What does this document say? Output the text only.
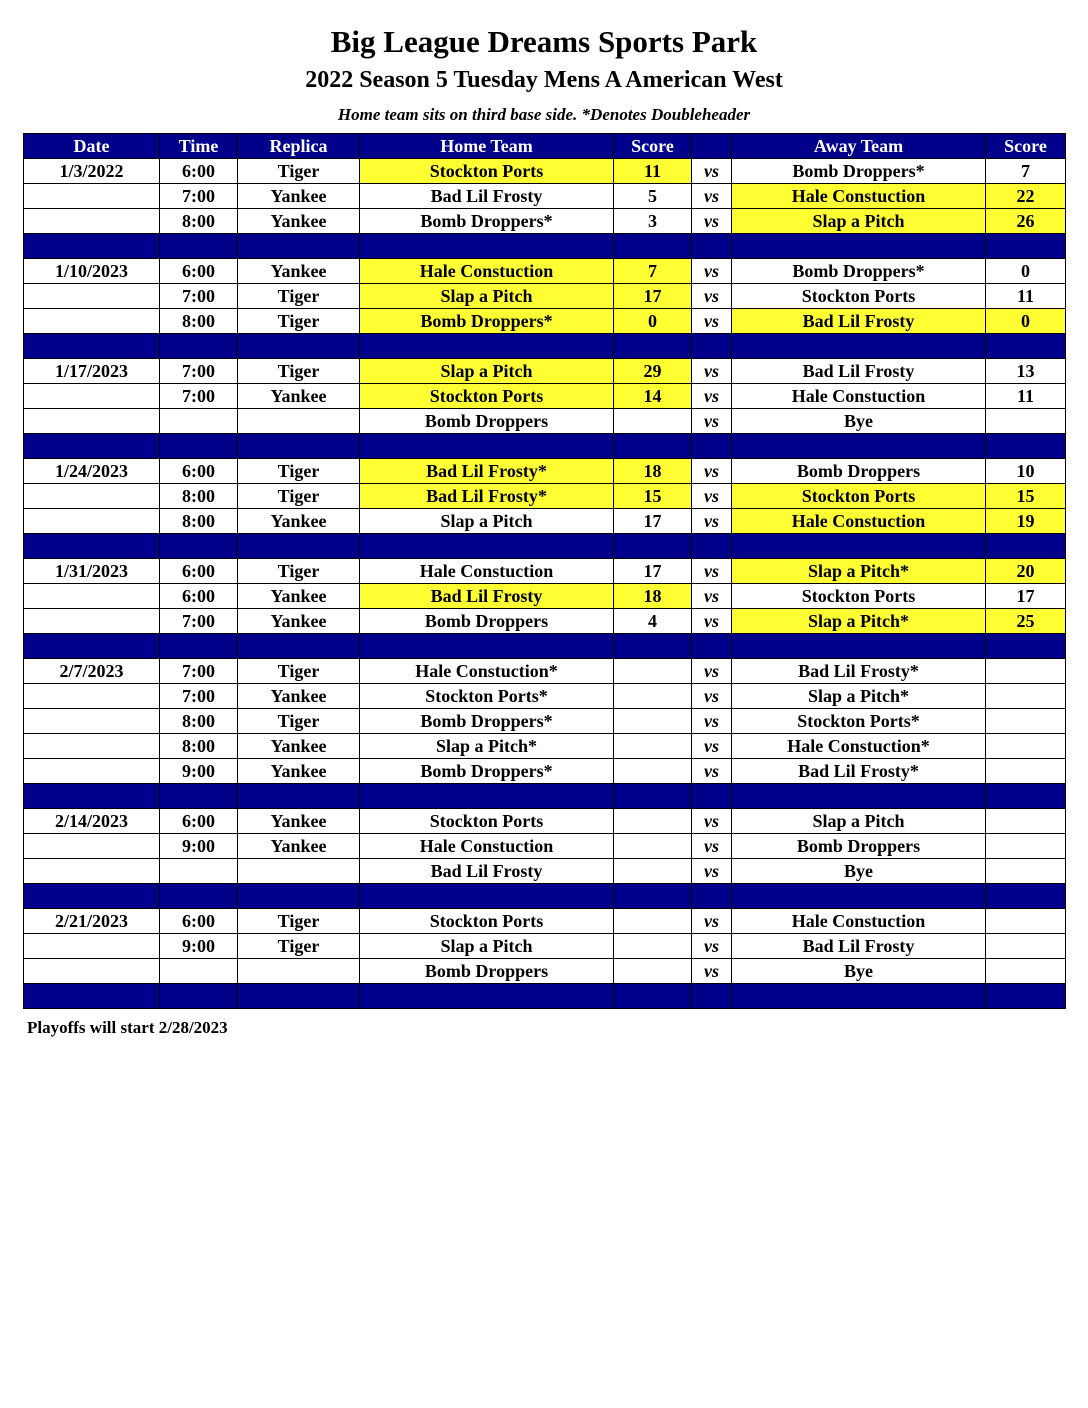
Big League Dreams Sports Park
2022 Season 5 Tuesday Mens A American West
Home team sits on third base side. *Denotes Doubleheader
Date	Time	Replica	Home Team	Score		Away Team	Score
1/3/2022	6:00	Tiger	Stockton Ports	11	vs	Bomb Droppers*	7
	7:00	Yankee	Bad Lil Frosty	5	vs	Hale Constuction	22
	8:00	Yankee	Bomb Droppers*	3	vs	Slap a Pitch	26

1/10/2023	6:00	Yankee	Hale Constuction	7	vs	Bomb Droppers*	0
	7:00	Tiger	Slap a Pitch	17	vs	Stockton Ports	11
	8:00	Tiger	Bomb Droppers*	0	vs	Bad Lil Frosty	0

1/17/2023	7:00	Tiger	Slap a Pitch	29	vs	Bad Lil Frosty	13
	7:00	Yankee	Stockton Ports	14	vs	Hale Constuction	11
			Bomb Droppers		vs	Bye	

1/24/2023	6:00	Tiger	Bad Lil Frosty*	18	vs	Bomb Droppers	10
	8:00	Tiger	Bad Lil Frosty*	15	vs	Stockton Ports	15
	8:00	Yankee	Slap a Pitch	17	vs	Hale Constuction	19

1/31/2023	6:00	Tiger	Hale Constuction	17	vs	Slap a Pitch*	20
	6:00	Yankee	Bad Lil Frosty	18	vs	Stockton Ports	17
	7:00	Yankee	Bomb Droppers	4	vs	Slap a Pitch*	25

2/7/2023	7:00	Tiger	Hale Constuction*		vs	Bad Lil Frosty*	
	7:00	Yankee	Stockton Ports*		vs	Slap a Pitch*	
	8:00	Tiger	Bomb Droppers*		vs	Stockton Ports*	
	8:00	Yankee	Slap a Pitch*		vs	Hale Constuction*	
	9:00	Yankee	Bomb Droppers*		vs	Bad Lil Frosty*	

2/14/2023	6:00	Yankee	Stockton Ports		vs	Slap a Pitch	
	9:00	Yankee	Hale Constuction		vs	Bomb Droppers	
			Bad Lil Frosty		vs	Bye	

2/21/2023	6:00	Tiger	Stockton Ports		vs	Hale Constuction	
	9:00	Tiger	Slap a Pitch		vs	Bad Lil Frosty	
			Bomb Droppers		vs	Bye	

Playoffs will start 2/28/2023
